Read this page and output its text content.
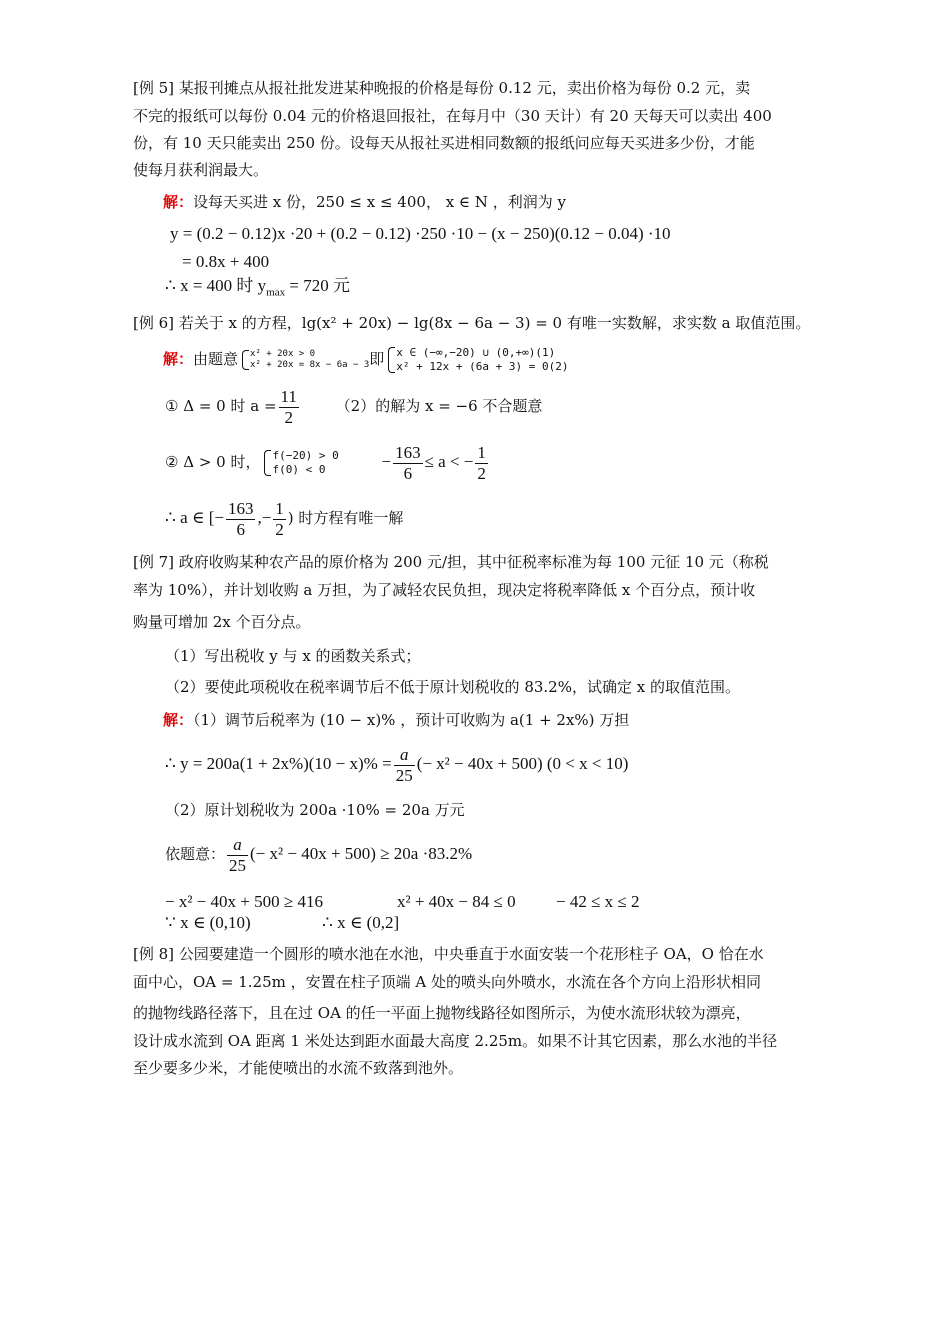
[例 5] 某报刊摊点从报社批发进某种晚报的价格是每份 0.12 元，卖出价格为每份 0.2 元，卖
不完的报纸可以每份 0.04 元的价格退回报社，在每月中（30 天计）有 20 天每天可以卖出 400
份，有 10 天只能卖出 250 份。设每天从报社买进相同数额的报纸问应每天买进多少份，才能
使每月获利润最大。
解：设每天买进 x 份，250 ≤ x ≤ 400， x ∈ N ，利润为 y
y = (0.2 − 0.12)x ·20 + (0.2 − 0.12) ·250 ·10 − (x − 250)(0.12 − 0.04) ·10
= 0.8x + 400
∴ x = 400 时 $y_{max} = 720$ 元
[例 6] 若关于 x 的方程，lg(x² + 20x) − lg(8x − 6a − 3) = 0 有唯一实数解，求实数 a 取值范围。
解：由题意 x² + 20x > 0
x² + 20x = 8x − 6a − 3 即 x ∈ (−∞,−20) ∪ (0,+∞)(1)
x² + 12x + (6a + 3) = 0(2)
① Δ = 0 时 $a = \frac{11}{2} (2)$的解为 x = −6 不合题意
② Δ > 0 时， f(−20) > 0
f(0) < 0	− $\frac{163}{6} \le a$ < − $\frac{1}{2}$
∴ a ∈ [− $\frac{163}{6}$ ,− $\frac{1}{2}$ ) 时方程有唯一解
[例 7] 政府收购某种农产品的原价格为 200 元/担，其中征税率标准为每 100 元征 10 元（称税
率为 10%），并计划收购 a 万担，为了减轻农民负担，现决定将税率降低 x 个百分点，预计收
购量可增加 2x 个百分点。
（1）写出税收 y 与 x 的函数关系式；
（2）要使此项税收在税率调节后不低于原计划税收的 83.2%，试确定 x 的取值范围。
解：（1）调节后税率为 (10 − x)% ，预计可收购为 a(1 + 2x%) 万担
∴ $y = 200a(1 + 2x\%)(10 - x)\% = \frac{a}{25}$ (− x² − 40x + 500) (0 < x < 10)
（2）原计划税收为 200a ·10% = 20a 万元
依题意： $\frac{a}{25}$ (− x² − 40x + 500) ≥ 20a ·83.2%
− x² − 40x + 500 ≥ 416	x² + 40x − 84 ≤ 0 − 42 ≤ x ≤ 2
∵ x ∈ (0,10)	∴ x ∈ (0,2]
[例 8] 公园要建造一个圆形的喷水池在水池，中央垂直于水面安装一个花形柱子 OA，O 恰在水
面中心，OA = 1.25m ，安置在柱子顶端 A 处的喷头向外喷水，水流在各个方向上沿形状相同
的抛物线路径落下，且在过 OA 的任一平面上抛物线路径如图所示，为使水流形状较为漂亮，
设计成水流到 OA 距离 1 米处达到距水面最大高度 2.25m。如果不计其它因素，那么水池的半径
至少要多少米，才能使喷出的水流不致落到池外。
